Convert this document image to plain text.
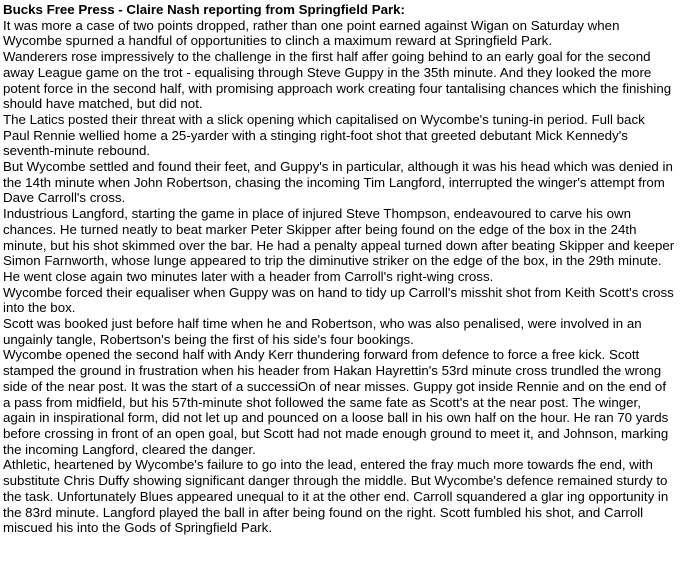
Bucks Free Press - Claire Nash reporting from Springfield Park:

It was more a case of two points dropped, rather than one point earned against Wigan on Saturday when Wycombe spurned a handful of opportunities to clinch a maximum reward at Springfield Park.

Wanderers rose impressively to the challenge in the first half affer going behind to an early goal for the second away League game on the trot - equalising through Steve Guppy in the 35th minute. And they looked the more potent force in the second half, with promising approach work creating four tantalising chances which the finishing should have matched, but did not.

The Latics posted their threat with a slick opening which capitalised on Wycombe's tuning-in period. Full back Paul Rennie wellied home a 25-yarder with a stinging right-foot shot that greeted debutant Mick Kennedy's seventh-minute rebound.

But Wycombe settled and found their feet, and Guppy's in particular, although it was his head which was denied in the 14th minute when John Robertson, chasing the incoming Tim Langford, interrupted the winger's attempt from Dave Carroll's cross.

Industrious Langford, starting the game in place of injured Steve Thompson, endeavoured to carve his own chances. He turned neatly to beat marker Peter Skipper after being found on the edge of the box in the 24th minute, but his shot skimmed over the bar. He had a penalty appeal turned down after beating Skipper and keeper Simon Farnworth, whose lunge appeared to trip the diminutive striker on the edge of the box, in the 29th minute. He went close again two minutes later with a header from Carroll's right-wing cross.

Wycombe forced their equaliser when Guppy was on hand to tidy up Carroll's misshit shot from Keith Scott's cross into the box.

Scott was booked just before half time when he and Robertson, who was also penalised, were involved in an ungainly tangle, Robertson's being the first of his side's four bookings.

Wycombe opened the second half with Andy Kerr thundering forward from defence to force a free kick. Scott stamped the ground in frustration when his header from Hakan Hayrettin's 53rd minute cross trundled the wrong side of the near post. It was the start of a successiOn of near misses. Guppy got inside Rennie and on the end of a pass from midfield, but his 57th-minute shot followed the same fate as Scott's at the near post. The winger, again in inspirational form, did not let up and pounced on a loose ball in his own half on the hour. He ran 70 yards before crossing in front of an open goal, but Scott had not made enough ground to meet it, and Johnson, marking the incoming Langford, cleared the danger.

Athletic, heartened by Wycombe's failure to go into the lead, entered the fray much more towards fhe end, with substitute Chris Duffy showing significant danger through the middle. But Wycombe's defence remained sturdy to the task. Unfortunately Blues appeared unequal to it at the other end. Carroll squandered a glar ing opportunity in the 83rd minute. Langford played the ball in after being found on the right. Scott fumbled his shot, and Carroll miscued his into the Gods of Springfield Park.
